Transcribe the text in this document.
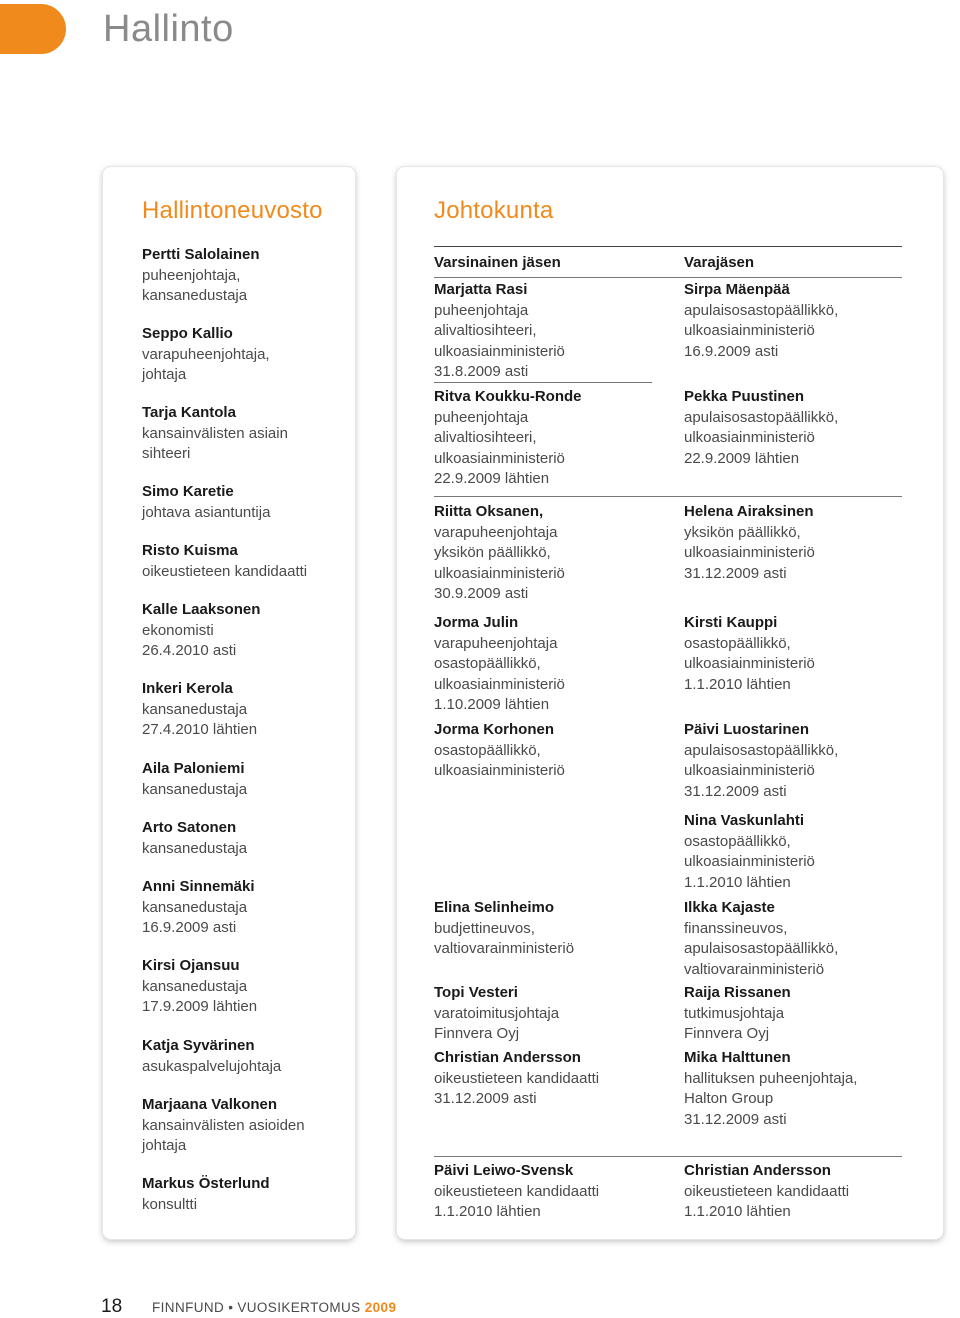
Hallinto
Hallintoneuvosto
Pertti Salolainen
puheenjohtaja,
kansanedustaja
Seppo Kallio
varapuheenjohtaja,
johtaja
Tarja Kantola
kansainvälisten asiain
sihteeri
Simo Karetie
johtava asiantuntija
Risto Kuisma
oikeustieteen kandidaatti
Kalle Laaksonen
ekonomisti
26.4.2010 asti
Inkeri Kerola
kansanedustaja
27.4.2010 lähtien
Aila Paloniemi
kansanedustaja
Arto Satonen
kansanedustaja
Anni Sinnemäki
kansanedustaja
16.9.2009 asti
Kirsi Ojansuu
kansanedustaja
17.9.2009 lähtien
Katja Syvärinen
asukaspalvelujohtaja
Marjaana Valkonen
kansainvälisten asioiden
johtaja
Markus Österlund
konsultti
Johtokunta
Varsinainen jäsen	Varajäsen
Marjatta Rasi
puheenjohtaja
alivaltiosihteeri,
ulkoasiainministeriö
31.8.2009 asti
Ritva Koukku-Ronde
puheenjohtaja
alivaltiosihteeri,
ulkoasiainministeriö
22.9.2009 lähtien
Riitta Oksanen,
varapuheenjohtaja
yksikön päällikkö,
ulkoasiainministeriö
30.9.2009 asti
Jorma Julin
varapuheenjohtaja
osastopäällikkö,
ulkoasiainministeriö
1.10.2009 lähtien
Jorma Korhonen
osastopäällikkö,
ulkoasiainministeriö
Elina Selinheimo
budjettineuvos,
valtiovarainministeriö
Topi Vesteri
varatoimitusjohtaja
Finnvera Oyj
Christian Andersson
oikeustieteen kandidaatti
31.12.2009 asti
Päivi Leiwo-Svensk
oikeustieteen kandidaatti
1.1.2010 lähtien
Sirpa Mäenpää
apulaisosastopäällikkö,
ulkoasiainministeriö
16.9.2009 asti
Pekka Puustinen
apulaisosastopäällikkö,
ulkoasiainministeriö
22.9.2009 lähtien
Helena Airaksinen
yksikön päällikkö,
ulkoasiainministeriö
31.12.2009 asti
Kirsti Kauppi
osastopäällikkö,
ulkoasiainministeriö
1.1.2010 lähtien
Päivi Luostarinen
apulaisosastopäällikkö,
ulkoasiainministeriö
31.12.2009 asti
Nina Vaskunlahti
osastopäällikkö,
ulkoasiainministeriö
1.1.2010 lähtien
Ilkka Kajaste
finanssineuvos,
apulaisosastopäällikkö,
valtiovarainministeriö
Raija Rissanen
tutkimusjohtaja
Finnvera Oyj
Mika Halttunen
hallituksen puheenjohtaja,
Halton Group
31.12.2009 asti
Christian Andersson
oikeustieteen kandidaatti
1.1.2010 lähtien
18 FINNFUND • VUOSIKERTOMUS 2009
